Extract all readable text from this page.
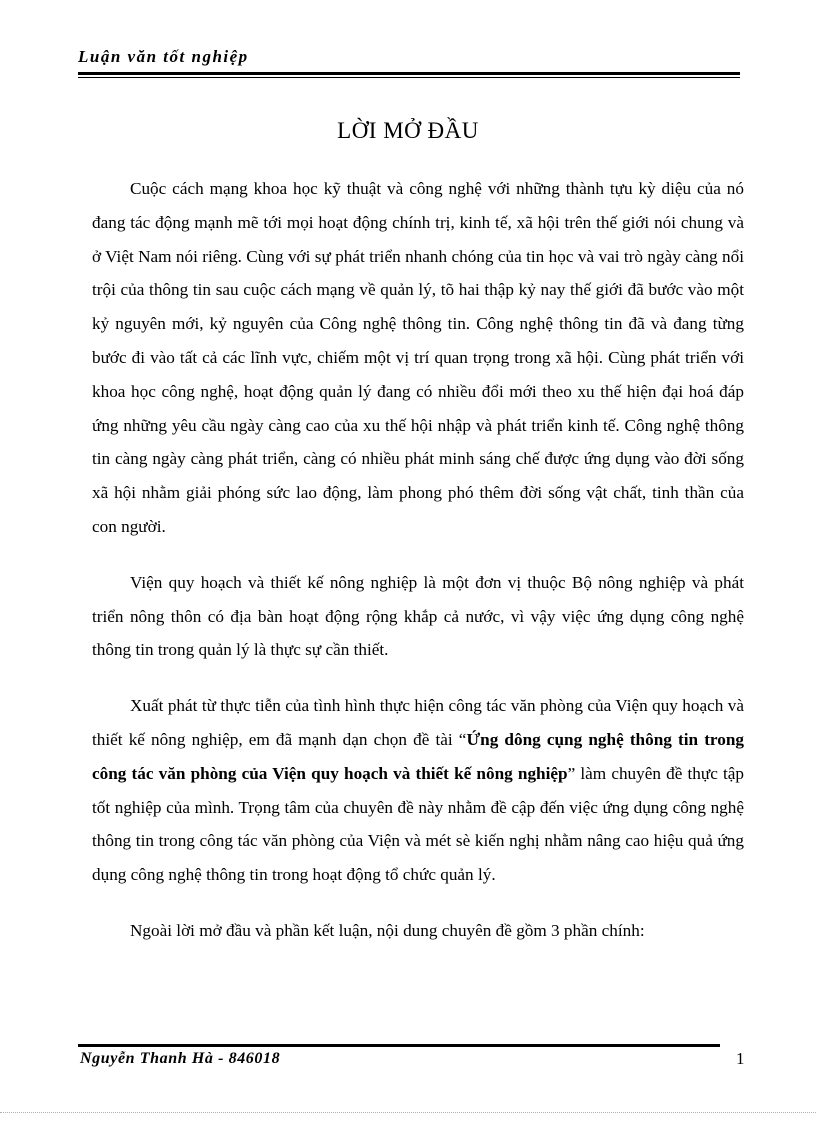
Luận văn tốt nghiệp
LỜI MỞ ĐẦU

Cuộc cách mạng khoa học kỹ thuật và công nghệ với những thành tựu kỳ diệu của nó đang tác động mạnh mẽ tới mọi hoạt động chính trị, kinh tế, xã hội trên thế giới nói chung và ở Việt Nam nói riêng. Cùng với sự phát triển nhanh chóng của tin học và vai trò ngày càng nổi trội của thông tin sau cuộc cách mạng về quản lý, tõ hai thập kỷ nay thế giới đã bước vào một kỷ nguyên mới, kỷ nguyên của Công nghệ thông tin. Công nghệ thông tin đã và đang từng bước đi vào tất cả các lĩnh vực, chiếm một vị trí quan trọng trong xã hội. Cùng phát triển với khoa học công nghệ, hoạt động quản lý đang có nhiều đổi mới theo xu thế hiện đại hoá đáp ứng những yêu cầu ngày càng cao của xu thế hội nhập và phát triển kinh tế. Công nghệ thông tin càng ngày càng phát triển, càng có nhiều phát minh sáng chế được ứng dụng vào đời sống xã hội nhằm giải phóng sức lao động, làm phong phó thêm đời sống vật chất, tinh thần của con người.

Viện quy hoạch và thiết kế nông nghiệp là một đơn vị thuộc Bộ nông nghiệp và phát triển nông thôn có địa bàn hoạt động rộng khắp cả nước, vì vậy việc ứng dụng công nghệ thông tin trong quản lý là thực sự cần thiết.

Xuất phát từ thực tiễn của tình hình thực hiện công tác văn phòng của Viện quy hoạch và thiết kế nông nghiệp, em đã mạnh dạn chọn đề tài “Ứng dông cụng nghệ thông tin trong công tác văn phòng của Viện quy hoạch và thiết kế nông nghiệp” làm chuyên đề thực tập tốt nghiệp của mình. Trọng tâm của chuyên đề này nhằm đề cập đến việc ứng dụng công nghệ thông tin trong công tác văn phòng của Viện và mét sè kiến nghị nhằm nâng cao hiệu quả ứng dụng công nghệ thông tin trong hoạt động tổ chức quản lý.

Ngoài lời mở đầu và phần kết luận, nội dung chuyên đề gồm 3 phần chính:

Nguyễn Thanh Hà - 846018	1
